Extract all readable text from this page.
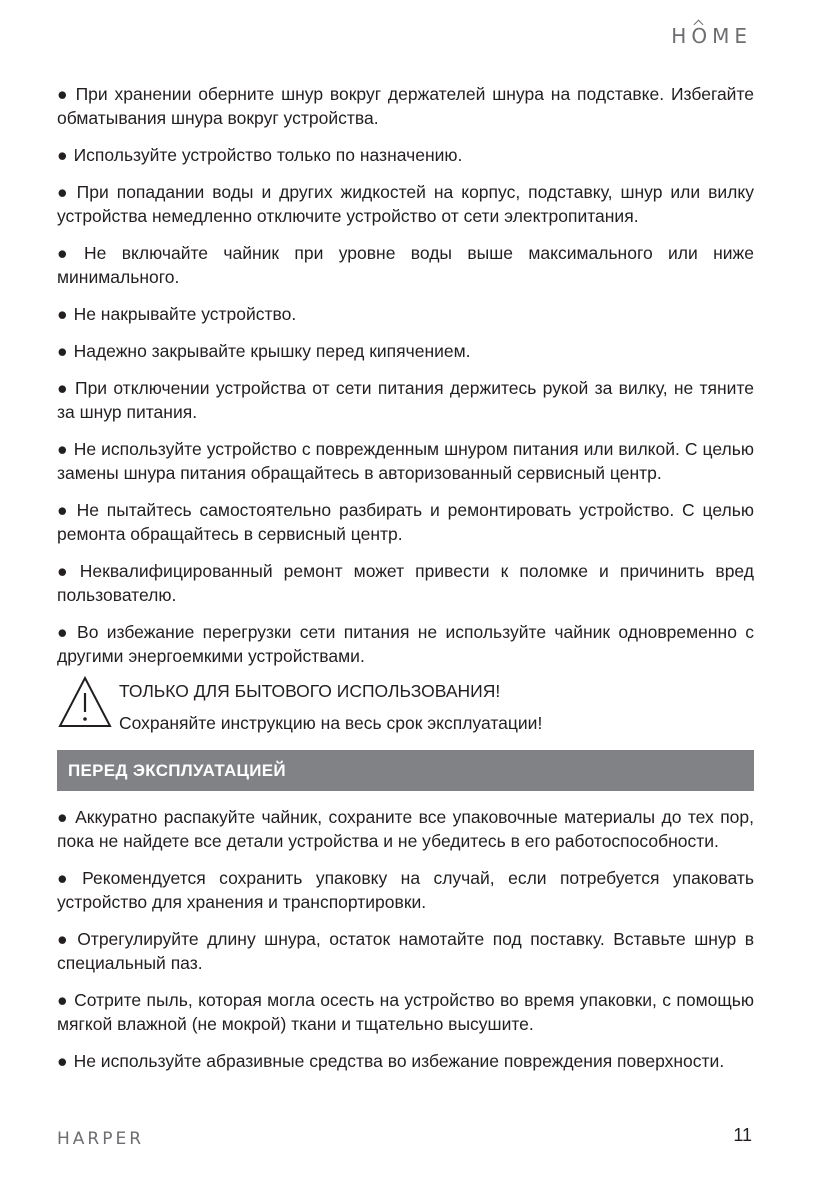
HOME

● При хранении оберните шнур вокруг держателей шнура на подставке. Избегайте обматывания шнура вокруг устройства.

● Используйте устройство только по назначению.

● При попадании воды и других жидкостей на корпус, подставку, шнур или вилку устройства немедленно отключите устройство от сети электропитания.

● Не включайте чайник при уровне воды выше максимального или ниже минимального.

● Не накрывайте устройство.

● Надежно закрывайте крышку перед кипячением.

● При отключении устройства от сети питания держитесь рукой за вилку, не тяните за шнур питания.

● Не используйте устройство с поврежденным шнуром питания или вилкой. С целью замены шнура питания обращайтесь в авторизованный сервисный центр.

● Не пытайтесь самостоятельно разбирать и ремонтировать устройство. С целью ремонта обращайтесь в сервисный центр.

● Неквалифицированный ремонт может привести к поломке и причинить вред пользователю.

● Во избежание перегрузки сети питания не используйте чайник одновременно с другими энергоемкими устройствами.

ТОЛЬКО ДЛЯ БЫТОВОГО ИСПОЛЬЗОВАНИЯ!
Сохраняйте инструкцию на весь срок эксплуатации!
ПЕРЕД ЭКСПЛУАТАЦИЕЙ

● Аккуратно распакуйте чайник, сохраните все упаковочные материалы до тех пор, пока не найдете все детали устройства и не убедитесь в его работоспособности.

● Рекомендуется сохранить упаковку на случай, если потребуется упаковать устройство для хранения и транспортировки.

● Отрегулируйте длину шнура, остаток намотайте под поставку. Вставьте шнур в специальный паз.

● Сотрите пыль, которая могла осесть на устройство во время упаковки, с помощью мягкой влажной (не мокрой) ткани и тщательно высушите.

● Не используйте абразивные средства во избежание повреждения поверхности.

HARPER	11
